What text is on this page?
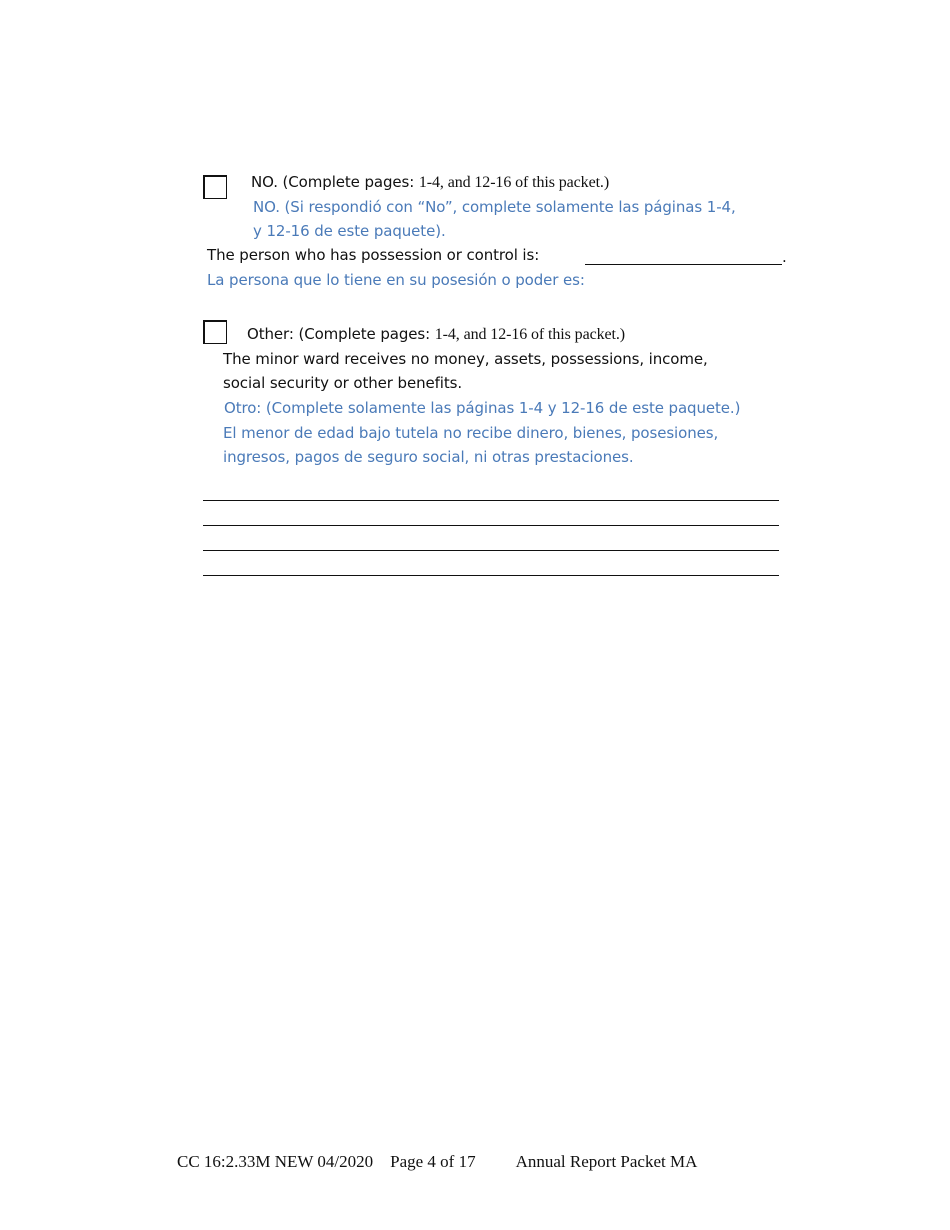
NO. (Complete pages: 1-4, and 12-16 of this packet.)
NO. (Si respondió con “No”, complete solamente las páginas 1-4,
y 12-16 de este paquete).
The person who has possession or control is:	.
La persona que lo tiene en su posesión o poder es:
Other: (Complete pages: 1-4, and 12-16 of this packet.)
The minor ward receives no money, assets, possessions, income,
social security or other benefits.
Otro: (Complete solamente las páginas 1-4 y 12-16 de este paquete.)
El menor de edad bajo tutela no recibe dinero, bienes, posesiones,
ingresos, pagos de seguro social, ni otras prestaciones.
CC 16:2.33M NEW 04/2020 Page 4 of 17 Annual Report Packet MA
